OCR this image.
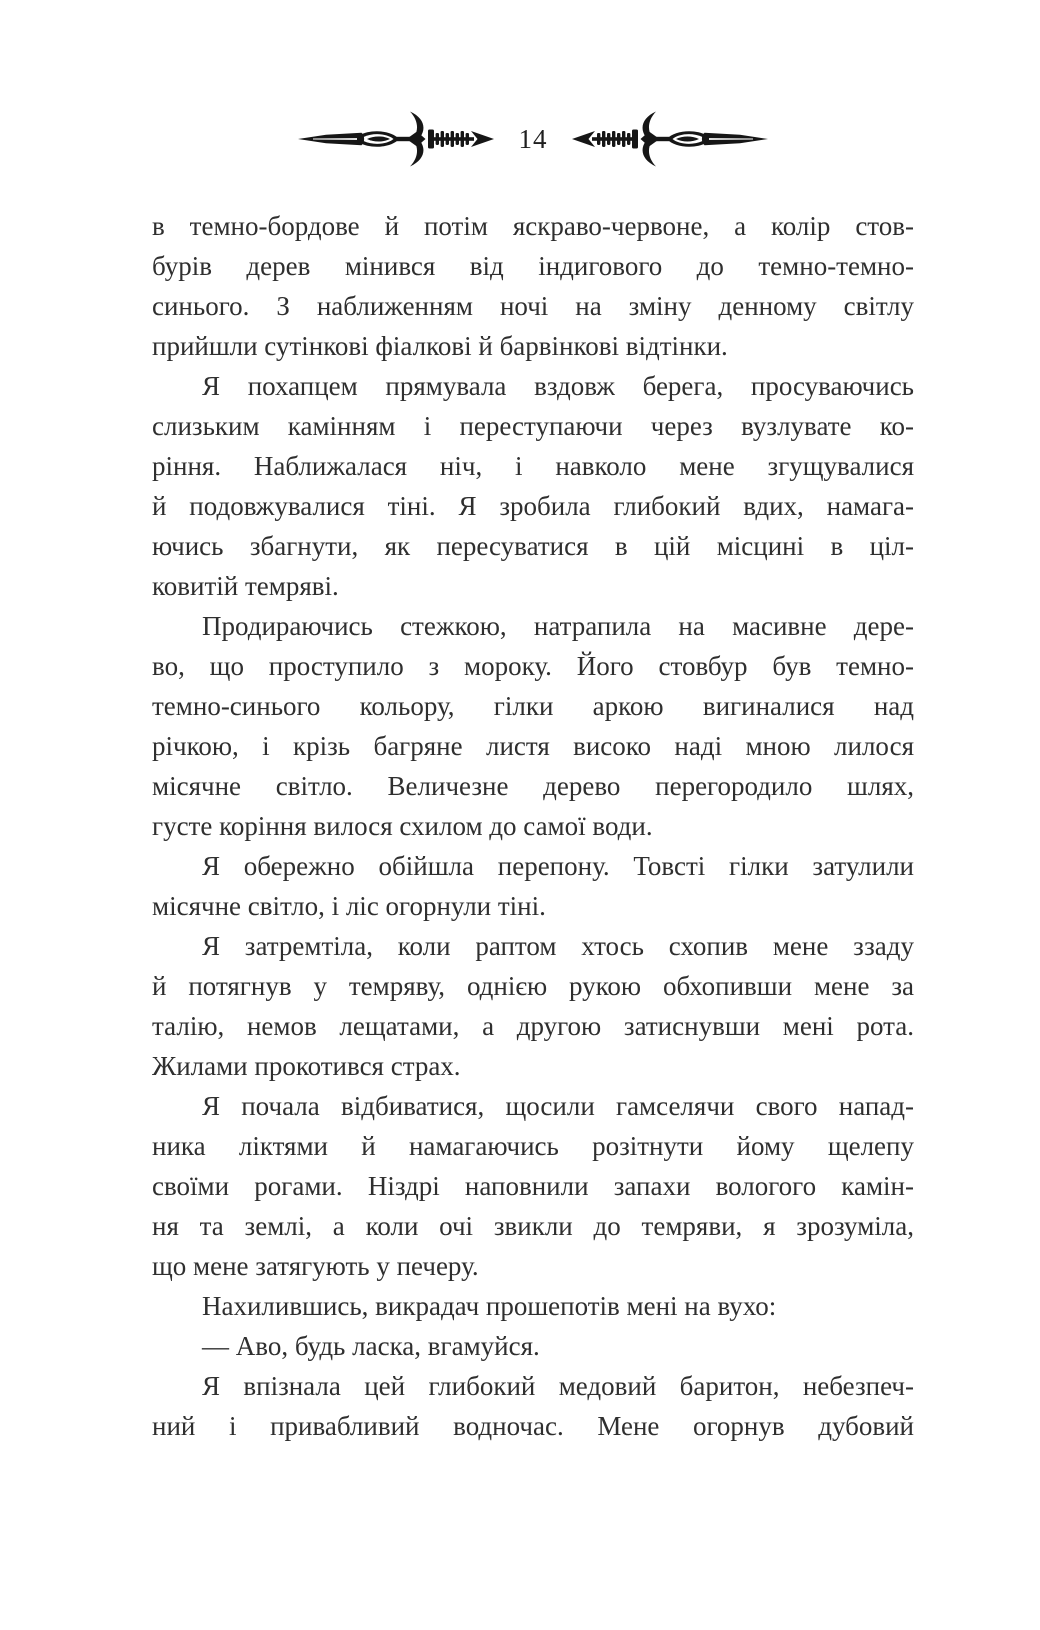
14

в темно-бордове й потім яскраво-червоне, а колір стов-
бурів дерев мінився від індигового до темно-темно-
синього. З наближенням ночі на зміну денному світлу
прийшли сутінкові фіалкові й барвінкові відтінки.

Я похапцем прямувала вздовж берега, просуваючись
слизьким камінням і переступаючи через вузлувате ко-
ріння. Наближалася ніч, і навколо мене згущувалися
й подовжувалися тіні. Я зробила глибокий вдих, намага-
ючись збагнути, як пересуватися в цій місцині в ціл-
ковитій темряві.

Продираючись стежкою, натрапила на масивне дере-
во, що проступило з мороку. Його стовбур був темно-
темно-синього кольору, гілки аркою вигиналися над
річкою, і крізь багряне листя високо наді мною лилося
місячне світло. Величезне дерево перегородило шлях,
густе коріння вилося схилом до самої води.

Я обережно обійшла перепону. Товсті гілки затулили
місячне світло, і ліс огорнули тіні.

Я затремтіла, коли раптом хтось схопив мене ззаду
й потягнув у темряву, однією рукою обхопивши мене за
талію, немов лещатами, а другою затиснувши мені рота.
Жилами прокотився страх.

Я почала відбиватися, щосили гамселячи свого напад-
ника ліктями й намагаючись розітнути йому щелепу
своїми рогами. Ніздрі наповнили запахи вологого камін-
ня та землі, а коли очі звикли до темряви, я зрозуміла,
що мене затягують у печеру.

Нахилившись, викрадач прошепотів мені на вухо:

— Аво, будь ласка, вгамуйся.

Я впізнала цей глибокий медовий баритон, небезпеч-
ний і привабливий водночас. Мене огорнув дубовий
